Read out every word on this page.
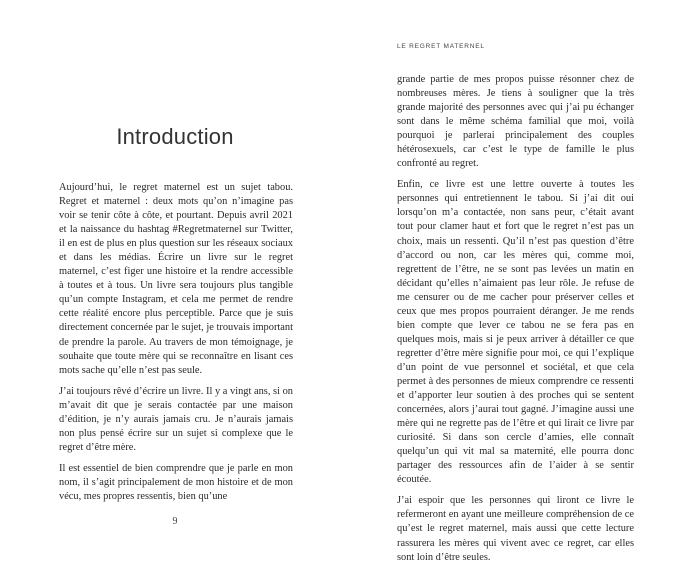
Introduction

Aujourd’hui, le regret maternel est un sujet tabou. Regret et maternel : deux mots qu’on n’imagine pas voir se tenir côte à côte, et pourtant. Depuis avril 2021 et la naissance du hashtag #Regretmaternel sur Twitter, il en est de plus en plus question sur les réseaux sociaux et dans les médias. Écrire un livre sur le regret maternel, c’est figer une histoire et la rendre accessible à toutes et à tous. Un livre sera toujours plus tangible qu’un compte Instagram, et cela me permet de rendre cette réalité encore plus perceptible. Parce que je suis directement concernée par le sujet, je trouvais important de prendre la parole. Au travers de mon témoignage, je souhaite que toute mère qui se reconnaître en lisant ces mots sache qu’elle n’est pas seule.

J’ai toujours rêvé d’écrire un livre. Il y a vingt ans, si on m’avait dit que je serais contactée par une maison d’édition, je n’y aurais jamais cru. Je n’aurais jamais non plus pensé écrire sur un sujet si complexe que le regret d’être mère.

Il est essentiel de bien comprendre que je parle en mon nom, il s’agit principalement de mon histoire et de mon vécu, mes propres ressentis, bien qu’une

9
LE REGRET MATERNEL

grande partie de mes propos puisse résonner chez de nombreuses mères. Je tiens à souligner que la très grande majorité des personnes avec qui j’ai pu échanger sont dans le même schéma familial que moi, voilà pourquoi je parlerai principalement des couples hétérosexuels, car c’est le type de famille le plus confronté au regret.

Enfin, ce livre est une lettre ouverte à toutes les personnes qui entretiennent le tabou. Si j’ai dit oui lorsqu’on m’a contactée, non sans peur, c’était avant tout pour clamer haut et fort que le regret n’est pas un choix, mais un ressenti. Qu’il n’est pas question d’être d’accord ou non, car les mères qui, comme moi, regrettent de l’être, ne se sont pas levées un matin en décidant qu’elles n’aimaient pas leur rôle. Je refuse de me censurer ou de me cacher pour préserver celles et ceux que mes propos pourraient déranger. Je me rends bien compte que lever ce tabou ne se fera pas en quelques mois, mais si je peux arriver à détailler ce que regretter d’être mère signifie pour moi, ce qui l’explique d’un point de vue personnel et sociétal, et que cela permet à des personnes de mieux comprendre ce ressenti et d’apporter leur soutien à des proches qui se sentent concernées, alors j’aurai tout gagné. J’imagine aussi une mère qui ne regrette pas de l’être et qui lirait ce livre par curiosité. Si dans son cercle d’amies, elle connaît quelqu’un qui vit mal sa maternité, elle pourra donc partager des ressources afin de l’aider à se sentir écoutée.

J’ai espoir que les personnes qui liront ce livre le refermeront en ayant une meilleure compréhension de ce qu’est le regret maternel, mais aussi que cette lecture rassurera les mères qui vivent avec ce regret, car elles sont loin d’être seules.
